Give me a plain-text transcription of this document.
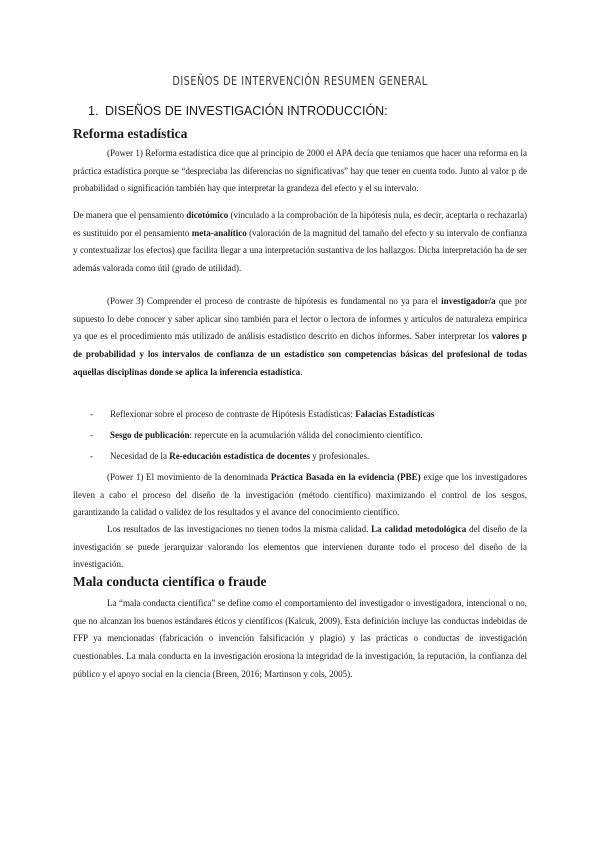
DISEÑOS DE INTERVENCIÓN RESUMEN GENERAL
1. DISEÑOS DE INVESTIGACIÓN INTRODUCCIÓN:
Reforma estadística

(Power 1) Reforma estadística dice que al principio de 2000 el APA decía que teníamos que hacer una reforma en la práctica estadística porque se “despreciaba las diferencias no significativas” hay que tener en cuenta todo. Junto al valor p de probabilidad o significación también hay que interpretar la grandeza del efecto y el su intervalo.

De manera que el pensamiento dicotómico (vinculado a la comprobación de la hipótesis nula, es decir, aceptarla o rechazarla) es sustituido por el pensamiento meta-analítico (valoración de la magnitud del tamaño del efecto y su intervalo de confianza y contextualizar los efectos) que facilita llegar a una interpretación sustantiva de los hallazgos. Dicha interpretación ha de ser además valorada como útil (grado de utilidad).

(Power 3) Comprender el proceso de contraste de hipótesis es fundamental no ya para el investigador/a que por supuesto lo debe conocer y saber aplicar sino también para el lector o lectora de informes y artículos de naturaleza empírica ya que es el procedimiento más utilizado de análisis estadístico descrito en dichos informes. Saber interpretar los valores p de probabilidad y los intervalos de confianza de un estadístico son competencias básicas del profesional de todas aquellas disciplinas donde se aplica la inferencia estadística.

- Reflexionar sobre el proceso de contraste de Hipótesis Estadísticas: Falacias Estadísticas
- Sesgo de publicación: repercute en la acumulación válida del conocimiento científico.
- Necesidad de la Re-educación estadística de docentes y profesionales.

(Power 1) El movimiento de la denominada Práctica Basada en la evidencia (PBE) exige que los investigadores lleven a cabo el proceso del diseño de la investigación (método científico) maximizando el control de los sesgos, garantizando la calidad o validez de los resultados y el avance del conocimiento científico.

Los resultados de las investigaciones no tienen todos la misma calidad. La calidad metodológica del diseño de la investigación se puede jerarquizar valorando los elementos que intervienen durante todo el proceso del diseño de la investigación.

Mala conducta científica o fraude

La “mala conducta científica” se define como el comportamiento del investigador o investigadora, intencional o no, que no alcanzan los buenos estándares éticos y científicos (Kalcuk, 2009). Esta definición incluye las conductas indebidas de FFP ya mencionadas (fabricación o invención falsificación y plagio) y las prácticas o conductas de investigación cuestionables. La mala conducta en la investigación erosiona la integridad de la investigación, la reputación, la confianza del público y el apoyo social en la ciencia (Breen, 2016; Martinson y cols, 2005).
